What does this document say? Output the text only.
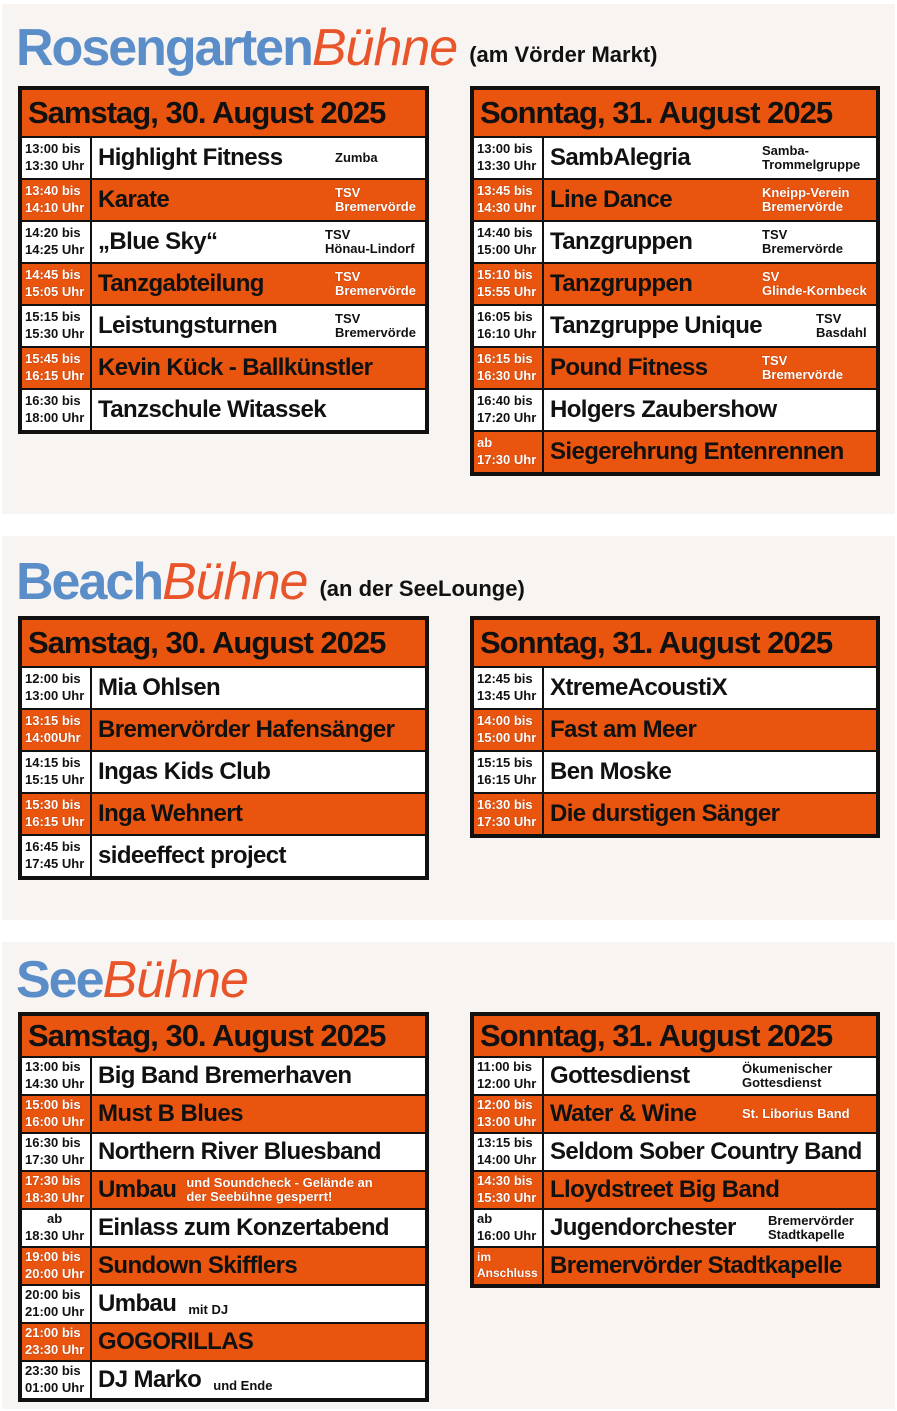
Rosengarten Bühne (am Vörder Markt)
Samstag, 30. August 2025
13:00 bis
13:30 Uhr Highlight Fitness	Zumba
13:40 bis
14:10 Uhr Karate	TSV
Bremervörde
14:20 bis
14:25 Uhr „Blue Sky“	TSV
Hönau-Lindorf
14:45 bis
15:05 Uhr Tanzgabteilung	TSV
Bremervörde
15:15 bis
15:30 Uhr Leistungsturnen	TSV
Bremervörde
15:45 bis
16:15 Uhr Kevin Kück - Ballkünstler
16:30 bis
18:00 Uhr Tanzschule Witassek
Sonntag, 31. August 2025
13:00 bis
13:30 Uhr SambAlegria	Samba-
Trommelgruppe
13:45 bis
14:30 Uhr Line Dance	Kneipp-Verein
Bremervörde
14:40 bis
15:00 Uhr Tanzgruppen	TSV
Bremervörde
15:10 bis
15:55 Uhr Tanzgruppen	SV
Glinde-Kornbeck
16:05 bis
16:10 Uhr Tanzgruppe Unique	TSV
Basdahl
16:15 bis
16:30 Uhr Pound Fitness	TSV
Bremervörde
16:40 bis
17:20 Uhr Holgers Zaubershow
ab
17:30 Uhr Siegerehrung Entenrennen
Beach Bühne (an der SeeLounge)
Samstag, 30. August 2025
12:00 bis
13:00 Uhr Mia Ohlsen
13:15 bis
14:00Uhr Bremervörder Hafensänger
14:15 bis
15:15 Uhr Ingas Kids Club
15:30 bis
16:15 Uhr Inga Wehnert
16:45 bis
17:45 Uhr sideeffect project
Sonntag, 31. August 2025
12:45 bis
13:45 Uhr XtremeAcoustiX
14:00 bis
15:00 Uhr Fast am Meer
15:15 bis
16:15 Uhr Ben Moske
16:30 bis
17:30 Uhr Die durstigen Sänger
See Bühne
Samstag, 30. August 2025
13:00 bis
14:30 Uhr Big Band Bremerhaven
15:00 bis
16:00 Uhr Must B Blues
16:30 bis
17:30 Uhr Northern River Bluesband
17:30 bis
18:30 Uhr Umbau und Soundcheck - Gelände an
der Seebühne gesperrt!
ab
18:30 Uhr Einlass zum Konzertabend
19:00 bis
20:00 Uhr Sundown Skifflers
20:00 bis
21:00 Uhr Umbau mit DJ
21:00 bis
23:30 Uhr GOGORILLAS
23:30 bis
01:00 Uhr DJ Marko und Ende
Sonntag, 31. August 2025
11:00 bis
12:00 Uhr Gottesdienst	Ökumenischer
Gottesdienst
12:00 bis
13:00 Uhr Water & Wine	St. Liborius Band
13:15 bis
14:00 Uhr Seldom Sober Country Band
14:30 bis
15:30 Uhr Lloydstreet Big Band
ab
16:00 Uhr Jugendorchester	Bremervörder
Stadtkapelle
im
Anschluss Bremervörder Stadtkapelle
